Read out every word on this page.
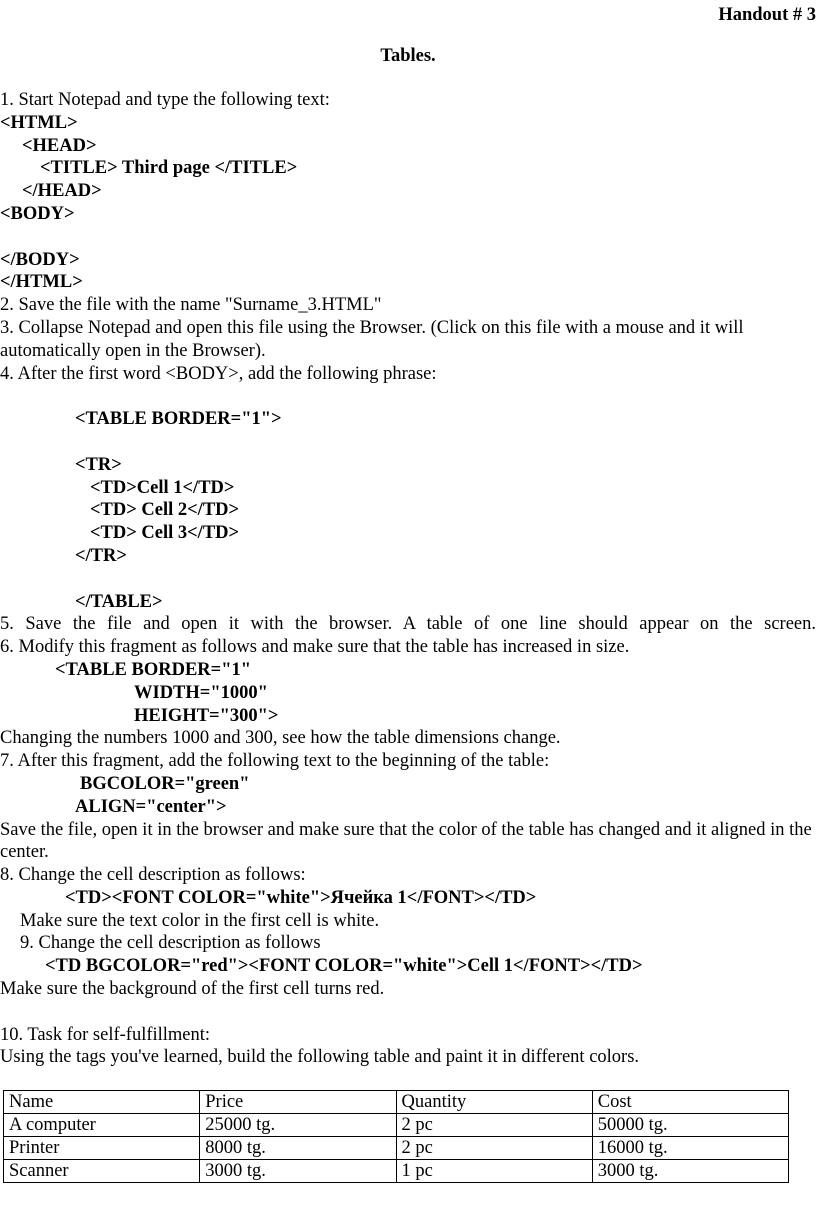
Handout # 3
Tables.
1. Start Notepad and type the following text:
<HTML>
<HEAD>
<TITLE> Third page </TITLE>
</HEAD>
<BODY>
</BODY>
</HTML>
2. Save the file with the name "Surname_3.HTML"
3. Collapse Notepad and open this file using the Browser. (Click on this file with a mouse and it will automatically open in the Browser).
4. After the first word <BODY>, add the following phrase:
<TABLE BORDER="1">
<TR>
<TD>Cell 1</TD>
<TD> Cell 2</TD>
<TD> Cell 3</TD>
</TR>
</TABLE>
5. Save the file and open it with the browser. A table of one line should appear on the screen.
6. Modify this fragment as follows and make sure that the table has increased in size.
<TABLE BORDER="1"
WIDTH="1000"
HEIGHT="300">
Changing the numbers 1000 and 300, see how the table dimensions change.
7. After this fragment, add the following text to the beginning of the table:
BGCOLOR="green"
ALIGN="center">
Save the file, open it in the browser and make sure that the color of the table has changed and it aligned in the center.
8. Change the cell description as follows:
<TD><FONT COLOR="white">Ячейка 1</FONT></TD>
Make sure the text color in the first cell is white.
9. Change the cell description as follows
<TD BGCOLOR="red"><FONT COLOR="white">Cell 1</FONT></TD>
Make sure the background of the first cell turns red.
10. Task for self-fulfillment:
Using the tags you've learned, build the following table and paint it in different colors.
Name	Price	Quantity	Cost
A computer	25000 tg.	2 pc	50000 tg.
Printer	8000 tg.	2 pc	16000 tg.
Scanner	3000 tg.	1 pc	3000 tg.
